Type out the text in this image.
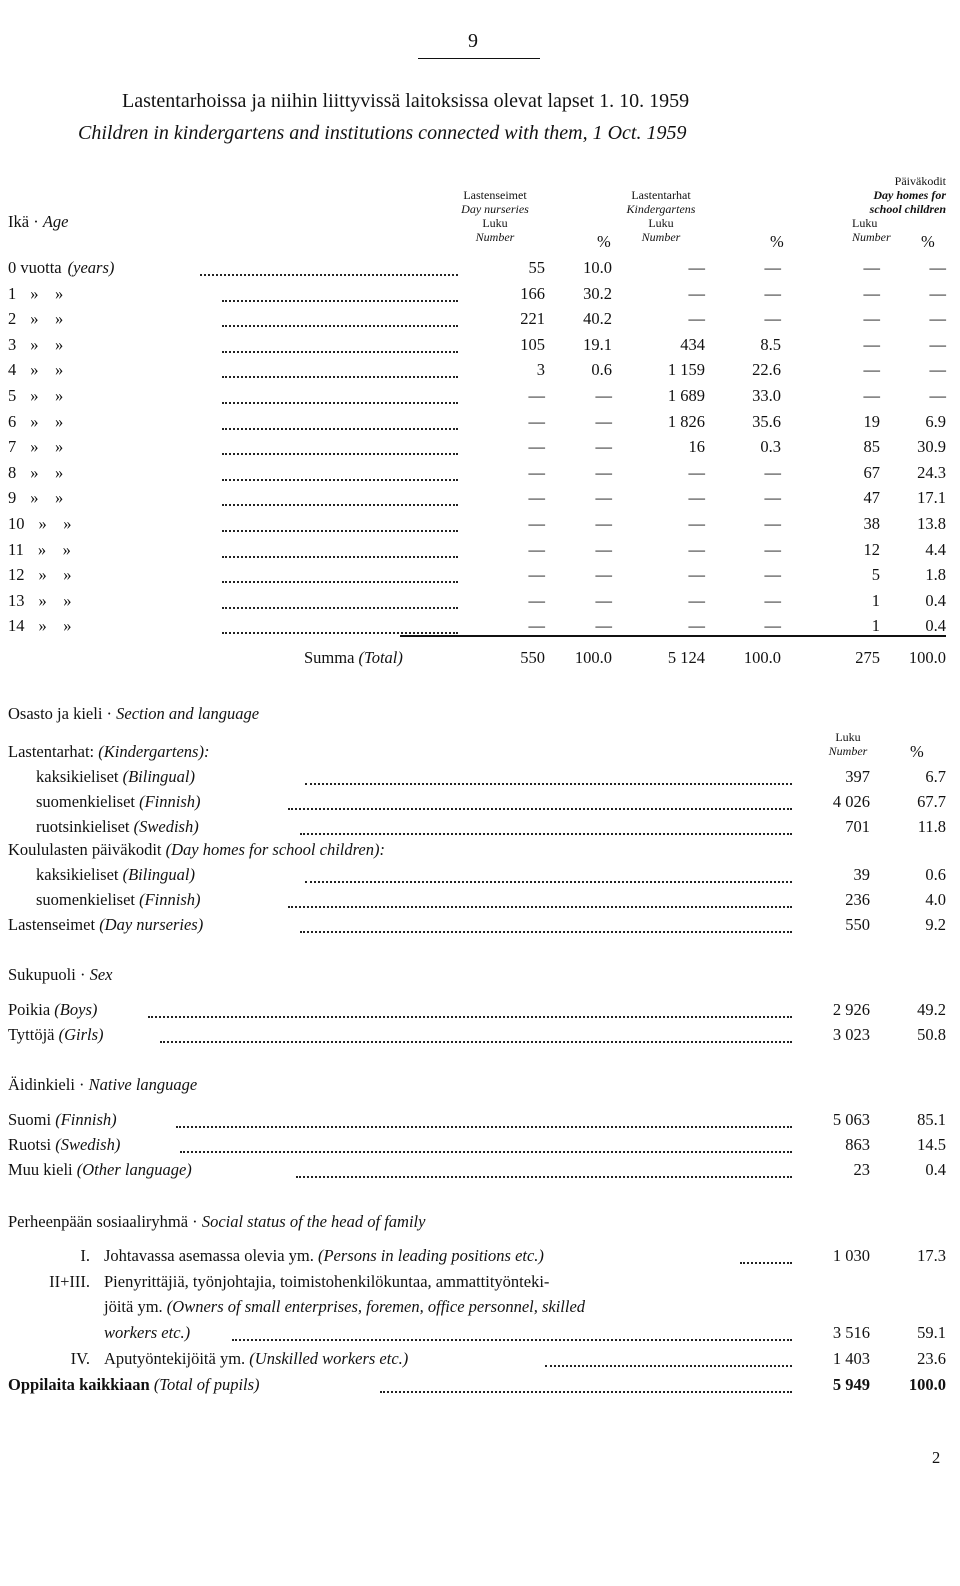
9
Lastentarhoissa ja niihin liittyvissä laitoksissa olevat lapset 1. 10. 1959
Children in kindergartens and institutions connected with them, 1 Oct. 1959
Ikä · Age
Lastenseimet
Day nurseries
Luku
Number
Lastentarhat
Kindergartens
Luku
Number
Päiväkodit
Day homes for
school children
Luku
Number
%	%	%
0 vuotta (years)	55	10.0	—	—	—	—
1 »    »	166	30.2	—	—	—	—
2 »    »	221	40.2	—	—	—	—
3 »    »	105	19.1	434	8.5	—	—
4 »    »	3	0.6	1 159	22.6	—	—
5 »    »	—	—	1 689	33.0	—	—
6 »    »	—	—	1 826	35.6	19	6.9
7 »    »	—	—	16	0.3	85	30.9
8 »    »	—	—	—	—	67	24.3
9 »    »	—	—	—	—	47	17.1
10 »    »	—	—	—	—	38	13.8
11 »    »	—	—	—	—	12	4.4
12 »    »	—	—	—	—	5	1.8
13 »    »	—	—	—	—	1	0.4
14 »    »	—	—	—	—	1	0.4
Summa (Total)	550	100.0	5 124	100.0	275	100.0
Osasto ja kieli · Section and language
Luku
Number	%
Lastentarhat: (Kindergartens):
kaksikieliset (Bilingual)	397	6.7
suomenkieliset (Finnish)	4 026	67.7
ruotsinkieliset (Swedish)	701	11.8
Koululasten päiväkodit (Day homes for school children):
kaksikieliset (Bilingual)	39	0.6
suomenkieliset (Finnish)	236	4.0
Lastenseimet (Day nurseries)	550	9.2
Sukupuoli · Sex
Poikia (Boys)	2 926	49.2
Tyttöjä (Girls)	3 023	50.8
Äidinkieli · Native language
Suomi (Finnish)	5 063	85.1
Ruotsi (Swedish)	863	14.5
Muu kieli (Other language)	23	0.4
Perheenpään sosiaaliryhmä · Social status of the head of family
I. Johtavassa asemassa olevia ym. (Persons in leading positions etc.)	1 030	17.3
II+III. Pienyrittäjiä, työnjohtajia, toimistohenkilökuntaa, ammattityönteki-
jöitä ym. (Owners of small enterprises, foremen, office personnel, skilled
workers etc.)	3 516	59.1
IV. Aputyöntekijöitä ym. (Unskilled workers etc.)	1 403	23.6
Oppilaita kaikkiaan (Total of pupils)	5 949	100.0
2
